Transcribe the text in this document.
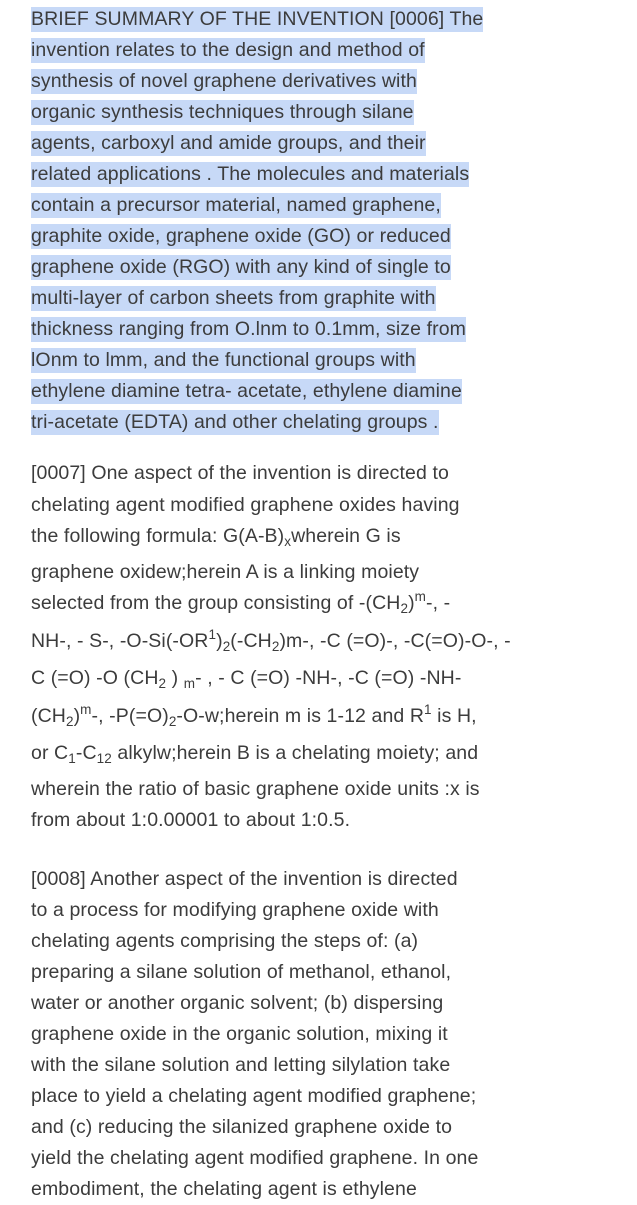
BRIEF SUMMARY OF THE INVENTION [0006] The
invention relates to the design and method of
synthesis of novel graphene derivatives with
organic synthesis techniques through silane
agents, carboxyl and amide groups, and their
related applications . The molecules and materials
contain a precursor material, named graphene,
graphite oxide, graphene oxide (GO) or reduced
graphene oxide (RGO) with any kind of single to
multi-layer of carbon sheets from graphite with
thickness ranging from O.lnm to 0.1mm, size from
lOnm to lmm, and the functional groups with
ethylene diamine tetra- acetate, ethylene diamine
tri-acetate (EDTA) and other chelating groups .
[0007] One aspect of the invention is directed to
chelating agent modified graphene oxides having
the following formula: $G(A-B)_xwherein$ G is
graphene oxidew;herein A is a linking moiety
selected from the group consisting of $-(CH_2)^m-$, -
NH-, - S-, $-O-Si(-OR^1)_2(-CH_2)m-$, -C (=O)-, -C(=O)-O-, -
C (=O) -O ($CH_2$ ) $_m$- , - C (=O) -NH-, -C (=O) -NH-
$(CH_2)^m-$, $-P(=O)_2-O-w;herein$ m is 1-12 and $R^1$ is H,
or $C_1-C_{12}$ alkylw;herein B is a chelating moiety; and
wherein the ratio of basic graphene oxide units :x is
from about 1:0.00001 to about 1:0.5.
[0008] Another aspect of the invention is directed
to a process for modifying graphene oxide with
chelating agents comprising the steps of: (a)
preparing a silane solution of methanol, ethanol,
water or another organic solvent; (b) dispersing
graphene oxide in the organic solution, mixing it
with the silane solution and letting silylation take
place to yield a chelating agent modified graphene;
and (c) reducing the silanized graphene oxide to
yield the chelating agent modified graphene. In one
embodiment, the chelating agent is ethylene
